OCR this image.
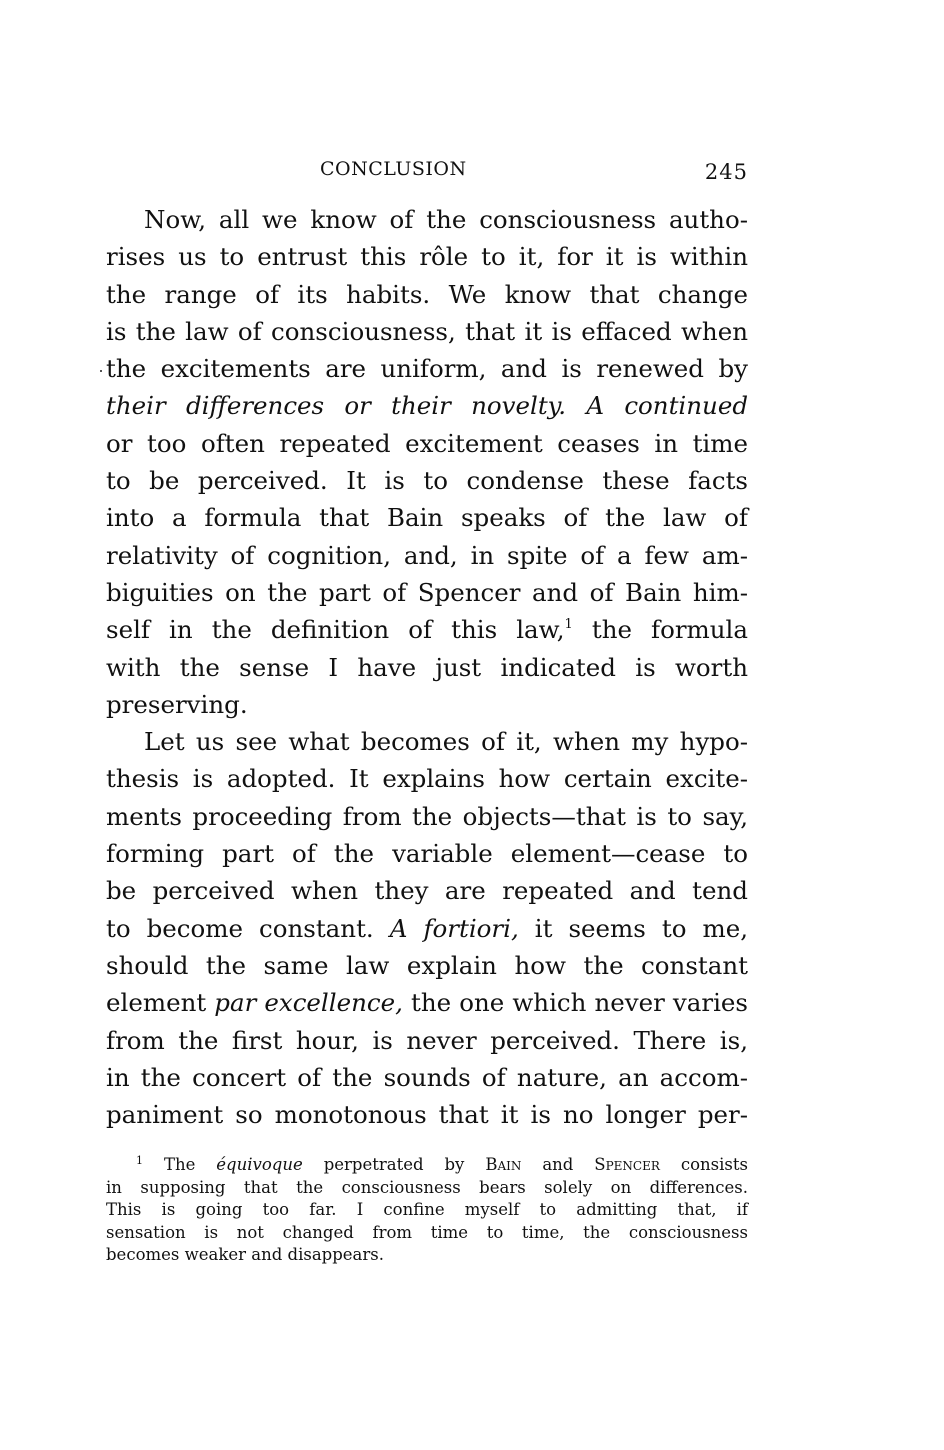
CONCLUSION	245
Now, all we know of the consciousness autho-
rises us to entrust this rôle to it, for it is within
the range of its habits. We know that change
is the law of consciousness, that it is effaced when
the excitements are uniform, and is renewed by
their differences or their novelty. A continued
or too often repeated excitement ceases in time
to be perceived. It is to condense these facts
into a formula that Bain speaks of the law of
relativity of cognition, and, in spite of a few am-
biguities on the part of Spencer and of Bain him-
self in the definition of this law,$^1$ the formula
with the sense I have just indicated is worth
preserving.
Let us see what becomes of it, when my hypo-
thesis is adopted. It explains how certain excite-
ments proceeding from the objects—that is to say,
forming part of the variable element—cease to
be perceived when they are repeated and tend
to become constant. A fortiori, it seems to me,
should the same law explain how the constant
element par excellence, the one which never varies
from the first hour, is never perceived. There is,
in the concert of the sounds of nature, an accom-
paniment so monotonous that it is no longer per-
$^1$ The équivoque perpetrated by Bain and Spencer consists
in supposing that the consciousness bears solely on differences.
This is going too far. I confine myself to admitting that, if
sensation is not changed from time to time, the consciousness
becomes weaker and disappears.
